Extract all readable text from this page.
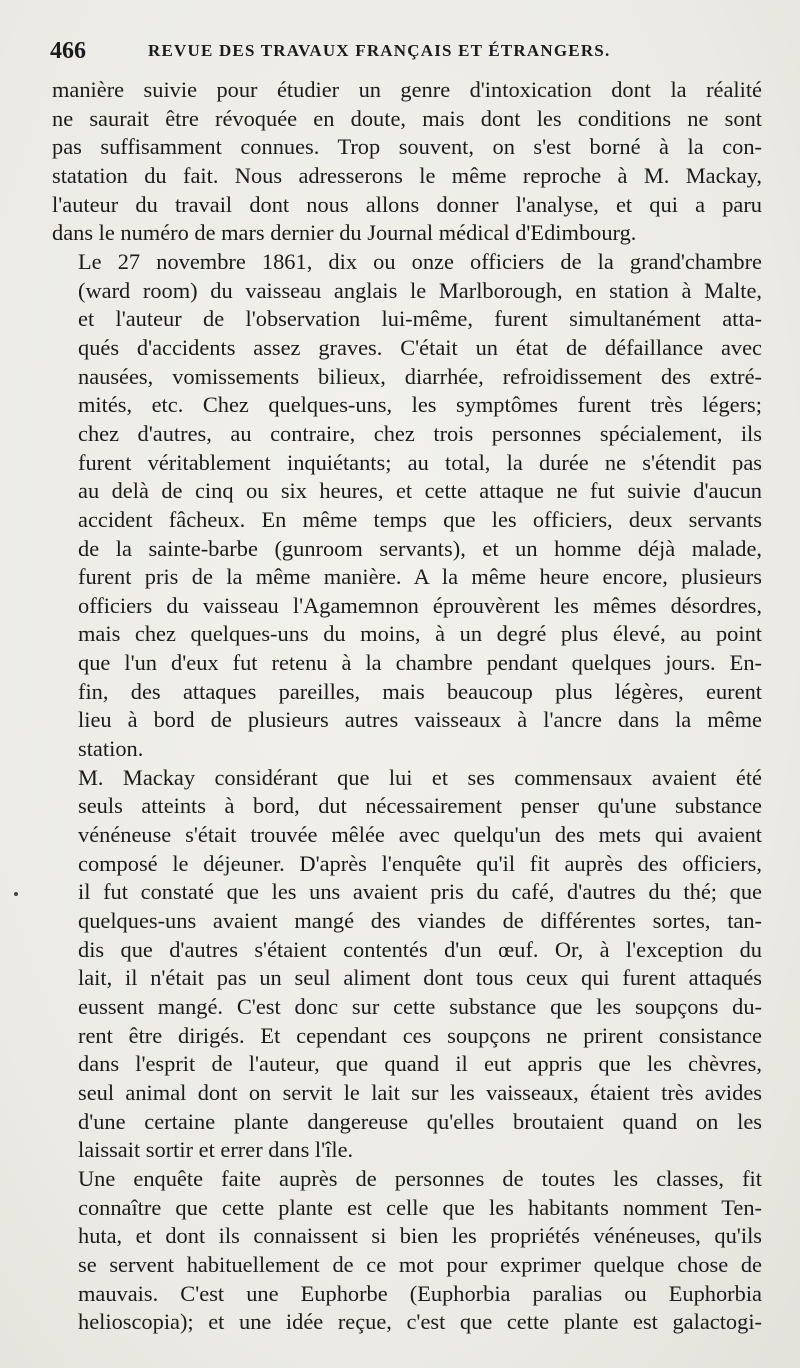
466	REVUE DES TRAVAUX FRANÇAIS ET ÉTRANGERS.

manière suivie pour étudier un genre d'intoxication dont la réalité
ne saurait être révoquée en doute, mais dont les conditions ne sont
pas suffisamment connues. Trop souvent, on s'est borné à la con-
statation du fait. Nous adresserons le même reproche à M. Mackay,
l'auteur du travail dont nous allons donner l'analyse, et qui a paru
dans le numéro de mars dernier du Journal médical d'Edimbourg.

Le 27 novembre 1861, dix ou onze officiers de la grand'chambre
(ward room) du vaisseau anglais le Marlborough, en station à Malte,
et l'auteur de l'observation lui-même, furent simultanément atta-
qués d'accidents assez graves. C'était un état de défaillance avec
nausées, vomissements bilieux, diarrhée, refroidissement des extré-
mités, etc. Chez quelques-uns, les symptômes furent très légers;
chez d'autres, au contraire, chez trois personnes spécialement, ils
furent véritablement inquiétants; au total, la durée ne s'étendit pas
au delà de cinq ou six heures, et cette attaque ne fut suivie d'aucun
accident fâcheux. En même temps que les officiers, deux servants
de la sainte-barbe (gunroom servants), et un homme déjà malade,
furent pris de la même manière. A la même heure encore, plusieurs
officiers du vaisseau l'Agamemnon éprouvèrent les mêmes désordres,
mais chez quelques-uns du moins, à un degré plus élevé, au point
que l'un d'eux fut retenu à la chambre pendant quelques jours. En-
fin, des attaques pareilles, mais beaucoup plus légères, eurent
lieu à bord de plusieurs autres vaisseaux à l'ancre dans la même
station.

M. Mackay considérant que lui et ses commensaux avaient été
seuls atteints à bord, dut nécessairement penser qu'une substance
vénéneuse s'était trouvée mêlée avec quelqu'un des mets qui avaient
composé le déjeuner. D'après l'enquête qu'il fit auprès des officiers,
il fut constaté que les uns avaient pris du café, d'autres du thé; que
quelques-uns avaient mangé des viandes de différentes sortes, tan-
dis que d'autres s'étaient contentés d'un œuf. Or, à l'exception du
lait, il n'était pas un seul aliment dont tous ceux qui furent attaqués
eussent mangé. C'est donc sur cette substance que les soupçons du-
rent être dirigés. Et cependant ces soupçons ne prirent consistance
dans l'esprit de l'auteur, que quand il eut appris que les chèvres,
seul animal dont on servit le lait sur les vaisseaux, étaient très avides
d'une certaine plante dangereuse qu'elles broutaient quand on les
laissait sortir et errer dans l'île.

Une enquête faite auprès de personnes de toutes les classes, fit
connaître que cette plante est celle que les habitants nomment Ten-
huta, et dont ils connaissent si bien les propriétés vénéneuses, qu'ils
se servent habituellement de ce mot pour exprimer quelque chose de
mauvais. C'est une Euphorbe (Euphorbia paralias ou Euphorbia
helioscopia); et une idée reçue, c'est que cette plante est galactogi-
